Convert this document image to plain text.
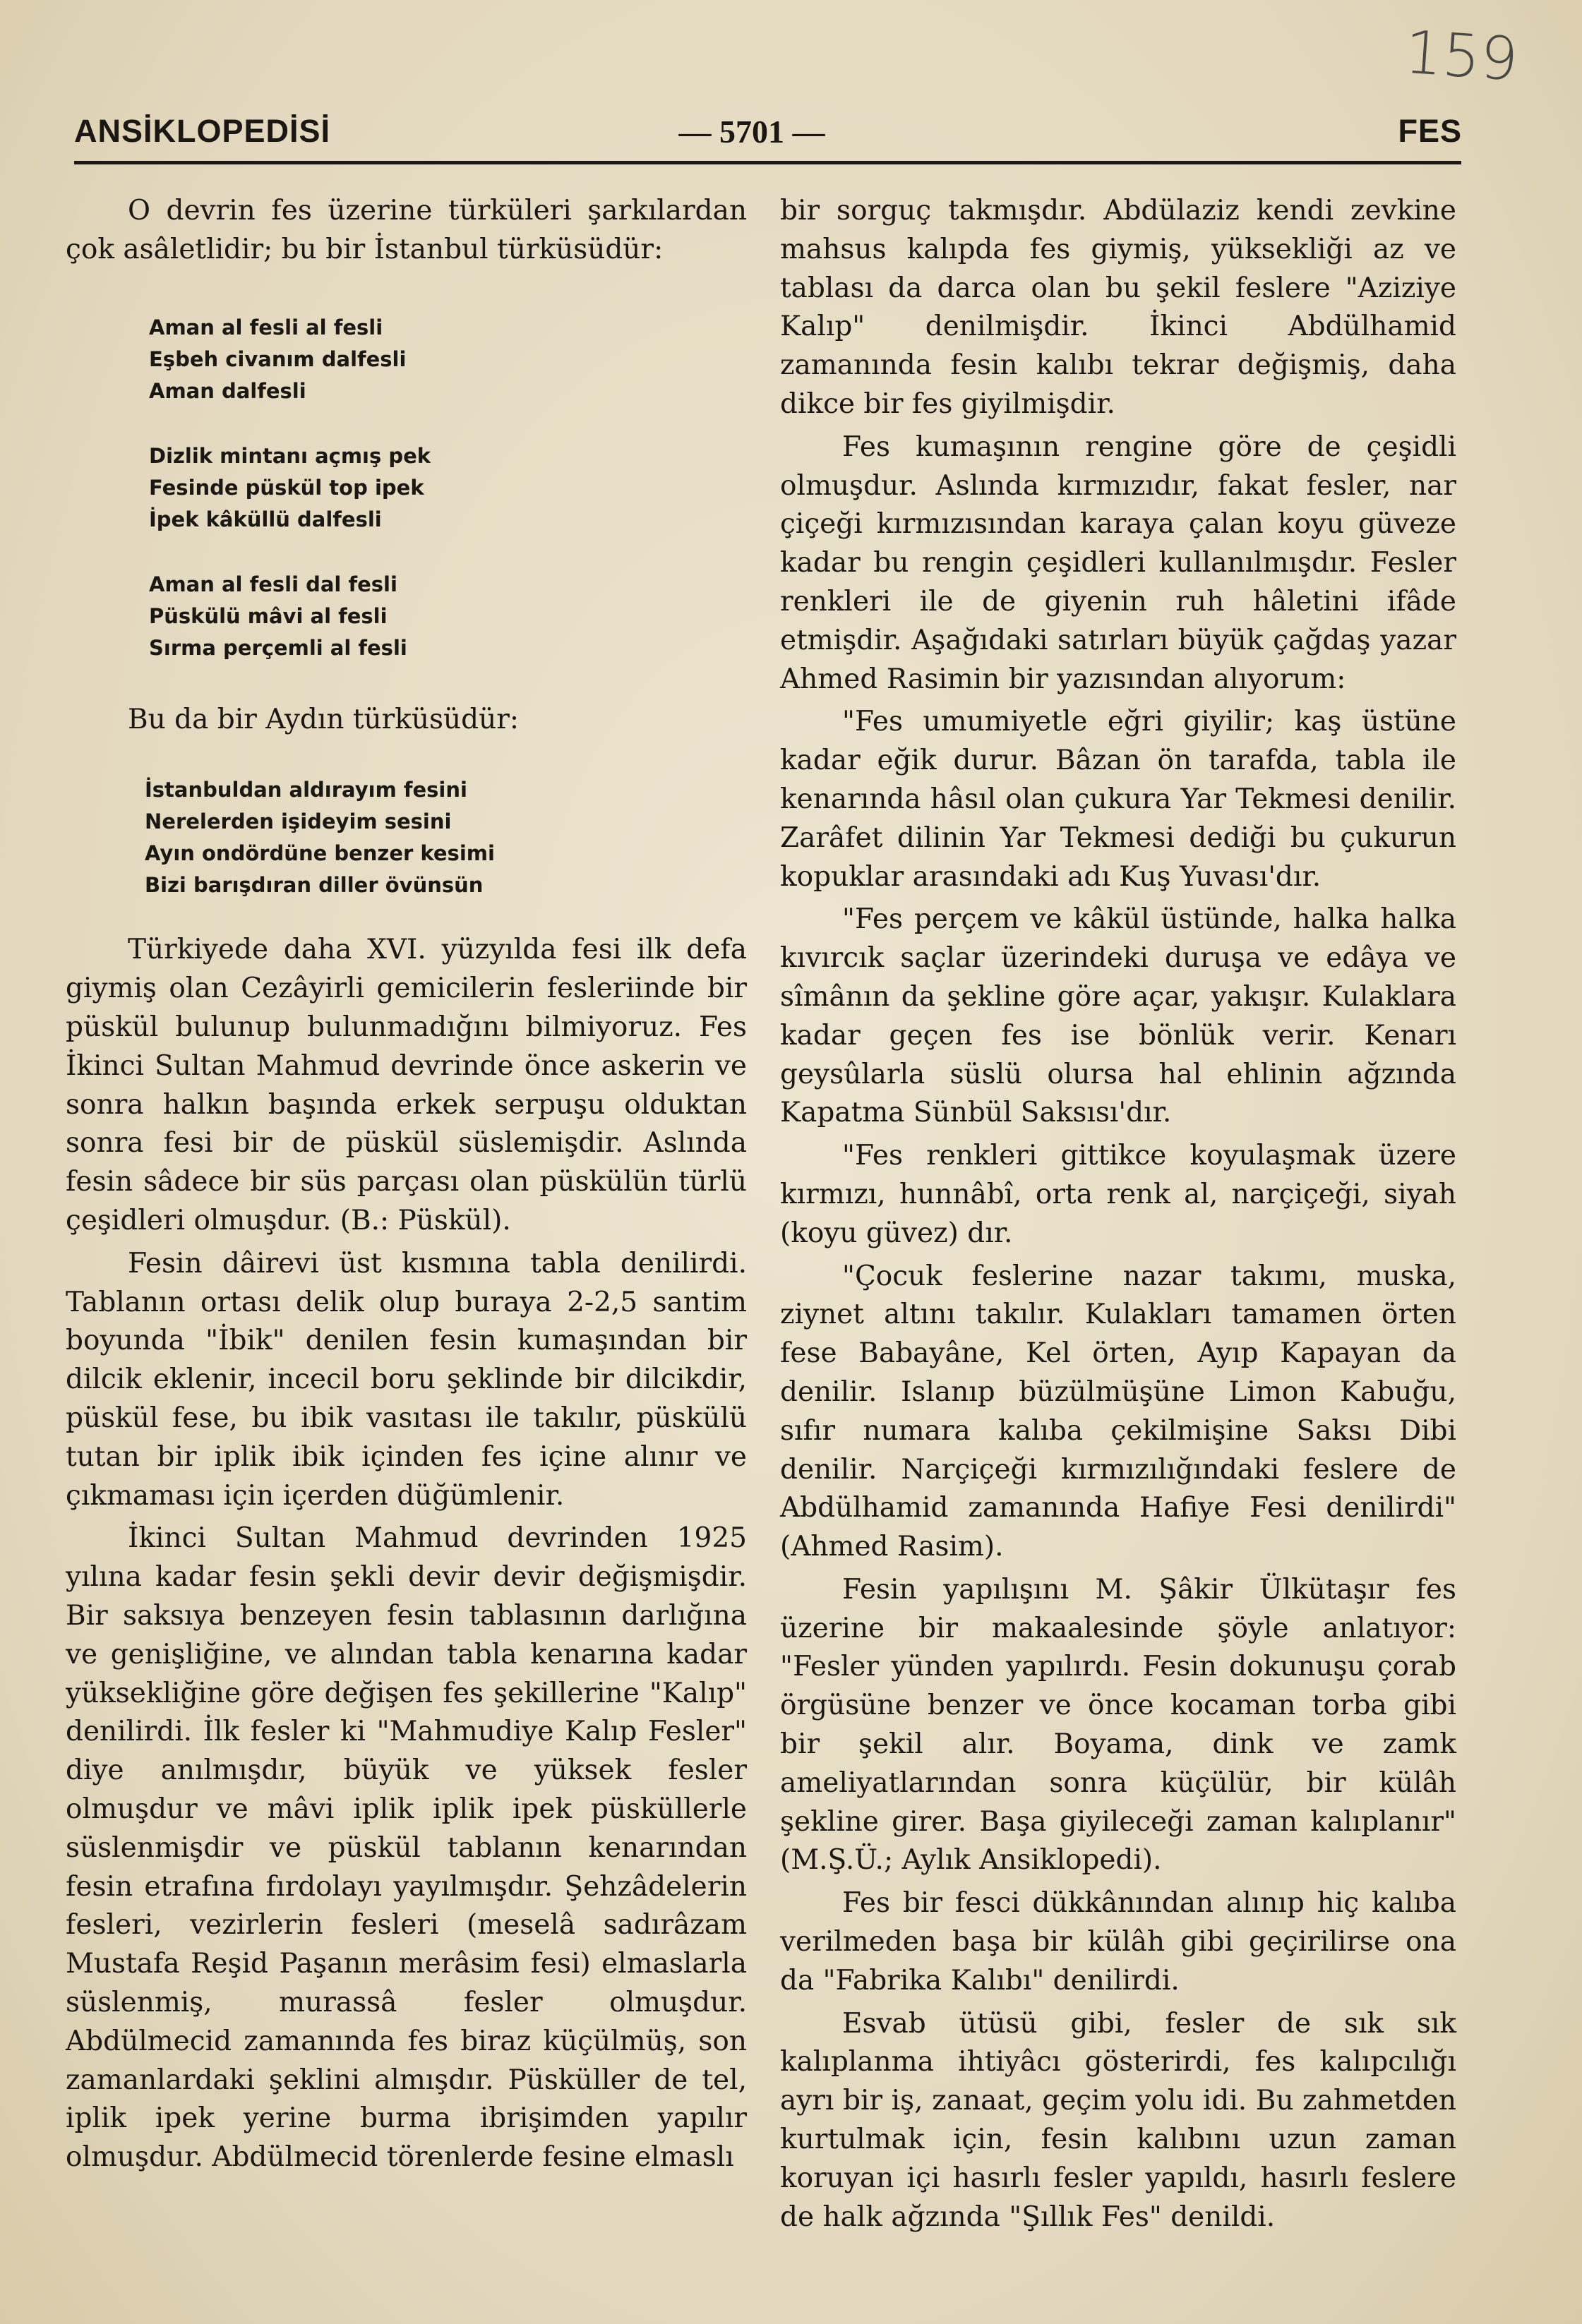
159
ANSİKLOPEDİSİ	— 5701 —	FES

O devrin fes üzerine türküleri şarkılardan çok asâletlidir; bu bir İstanbul türküsüdür:

Aman al fesli al fesli
Eşbeh civanım dalfesli
Aman dalfesli
Dizlik mintanı açmış pek
Fesinde püskül top ipek
İpek kâküllü dalfesli
Aman al fesli dal fesli
Püskülü mâvi al fesli
Sırma perçemli al fesli

Bu da bir Aydın türküsüdür:

İstanbuldan aldırayım fesini
Nerelerden işideyim sesini
Ayın ondördüne benzer kesimi
Bizi barışdıran diller övünsün

Türkiyede daha XVI. yüzyılda fesi ilk defa giymiş olan Cezâyirli gemicilerin fesleriinde bir püskül bulunup bulunmadığını bilmiyoruz. Fes İkinci Sultan Mahmud devrinde önce askerin ve sonra halkın başında erkek serpuşu olduktan sonra fesi bir de püskül süslemişdir. Aslında fesin sâdece bir süs parçası olan püskülün türlü çeşidleri olmuşdur. (B.: Püskül).

Fesin dâirevi üst kısmına tabla denilirdi. Tablanın ortası delik olup buraya 2-2,5 santim boyunda "İbik" denilen fesin kumaşından bir dilcik eklenir, incecil boru şeklinde bir dilcikdir, püskül fese, bu ibik vasıtası ile takılır, püskülü tutan bir iplik ibik içinden fes içine alınır ve çıkmaması için içerden düğümlenir.

İkinci Sultan Mahmud devrinden 1925 yılına kadar fesin şekli devir devir değişmişdir. Bir saksıya benzeyen fesin tablasının darlığına ve genişliğine, ve alından tabla kenarına kadar yüksekliğine göre değişen fes şekillerine "Kalıp" denilirdi. İlk fesler ki "Mahmudiye Kalıp Fesler" diye anılmışdır, büyük ve yüksek fesler olmuşdur ve mâvi iplik iplik ipek püsküllerle süslenmişdir ve püskül tablanın kenarından fesin etrafına fırdolayı yayılmışdır. Şehzâdelerin fesleri, vezirlerin fesleri (meselâ sadırâzam Mustafa Reşid Paşanın merâsim fesi) elmaslarla süslenmiş, murassâ fesler olmuşdur. Abdülmecid zamanında fes biraz küçülmüş, son zamanlardaki şeklini almışdır. Püsküller de tel, iplik ipek yerine burma ibrişimden yapılır olmuşdur. Abdülmecid törenlerde fesine elmaslı

bir sorguç takmışdır. Abdülaziz kendi zevkine mahsus kalıpda fes giymiş, yüksekliği az ve tablası da darca olan bu şekil feslere "Aziziye Kalıp" denilmişdir. İkinci Abdülhamid zamanında fesin kalıbı tekrar değişmiş, daha dikce bir fes giyilmişdir.

Fes kumaşının rengine göre de çeşidli olmuşdur. Aslında kırmızıdır, fakat fesler, nar çiçeği kırmızısından karaya çalan koyu güveze kadar bu rengin çeşidleri kullanılmışdır. Fesler renkleri ile de giyenin ruh hâletini ifâde etmişdir. Aşağıdaki satırları büyük çağdaş yazar Ahmed Rasimin bir yazısından alıyorum:

"Fes umumiyetle eğri giyilir; kaş üstüne kadar eğik durur. Bâzan ön tarafda, tabla ile kenarında hâsıl olan çukura Yar Tekmesi denilir. Zarâfet dilinin Yar Tekmesi dediği bu çukurun kopuklar arasındaki adı Kuş Yuvası'dır.

"Fes perçem ve kâkül üstünde, halka halka kıvırcık saçlar üzerindeki duruşa ve edâya ve sîmânın da şekline göre açar, yakışır. Kulaklara kadar geçen fes ise bönlük verir. Kenarı geysûlarla süslü olursa hal ehlinin ağzında Kapatma Sünbül Saksısı'dır.

"Fes renkleri gittikce koyulaşmak üzere kırmızı, hunnâbî, orta renk al, narçiçeği, siyah (koyu güvez) dır.

"Çocuk feslerine nazar takımı, muska, ziynet altını takılır. Kulakları tamamen örten fese Babayâne, Kel örten, Ayıp Kapayan da denilir. Islanıp büzülmüşüne Limon Kabuğu, sıfır numara kalıba çekilmişine Saksı Dibi denilir. Narçiçeği kırmızılığındaki feslere de Abdülhamid zamanında Hafiye Fesi denilirdi" (Ahmed Rasim).

Fesin yapılışını M. Şâkir Ülkütaşır fes üzerine bir makaalesinde şöyle anlatıyor: "Fesler yünden yapılırdı. Fesin dokunuşu çorab örgüsüne benzer ve önce kocaman torba gibi bir şekil alır. Boyama, dink ve zamk ameliyatlarından sonra küçülür, bir külâh şekline girer. Başa giyileceği zaman kalıplanır" (M.Ş.Ü.; Aylık Ansiklopedi).

Fes bir fesci dükkânından alınıp hiç kalıba verilmeden başa bir külâh gibi geçirilirse ona da "Fabrika Kalıbı" denilirdi.

Esvab ütüsü gibi, fesler de sık sık kalıplanma ihtiyâcı gösterirdi, fes kalıpcılığı ayrı bir iş, zanaat, geçim yolu idi. Bu zahmetden kurtulmak için, fesin kalıbını uzun zaman koruyan içi hasırlı fesler yapıldı, hasırlı feslere de halk ağzında "Şıllık Fes" denildi.
